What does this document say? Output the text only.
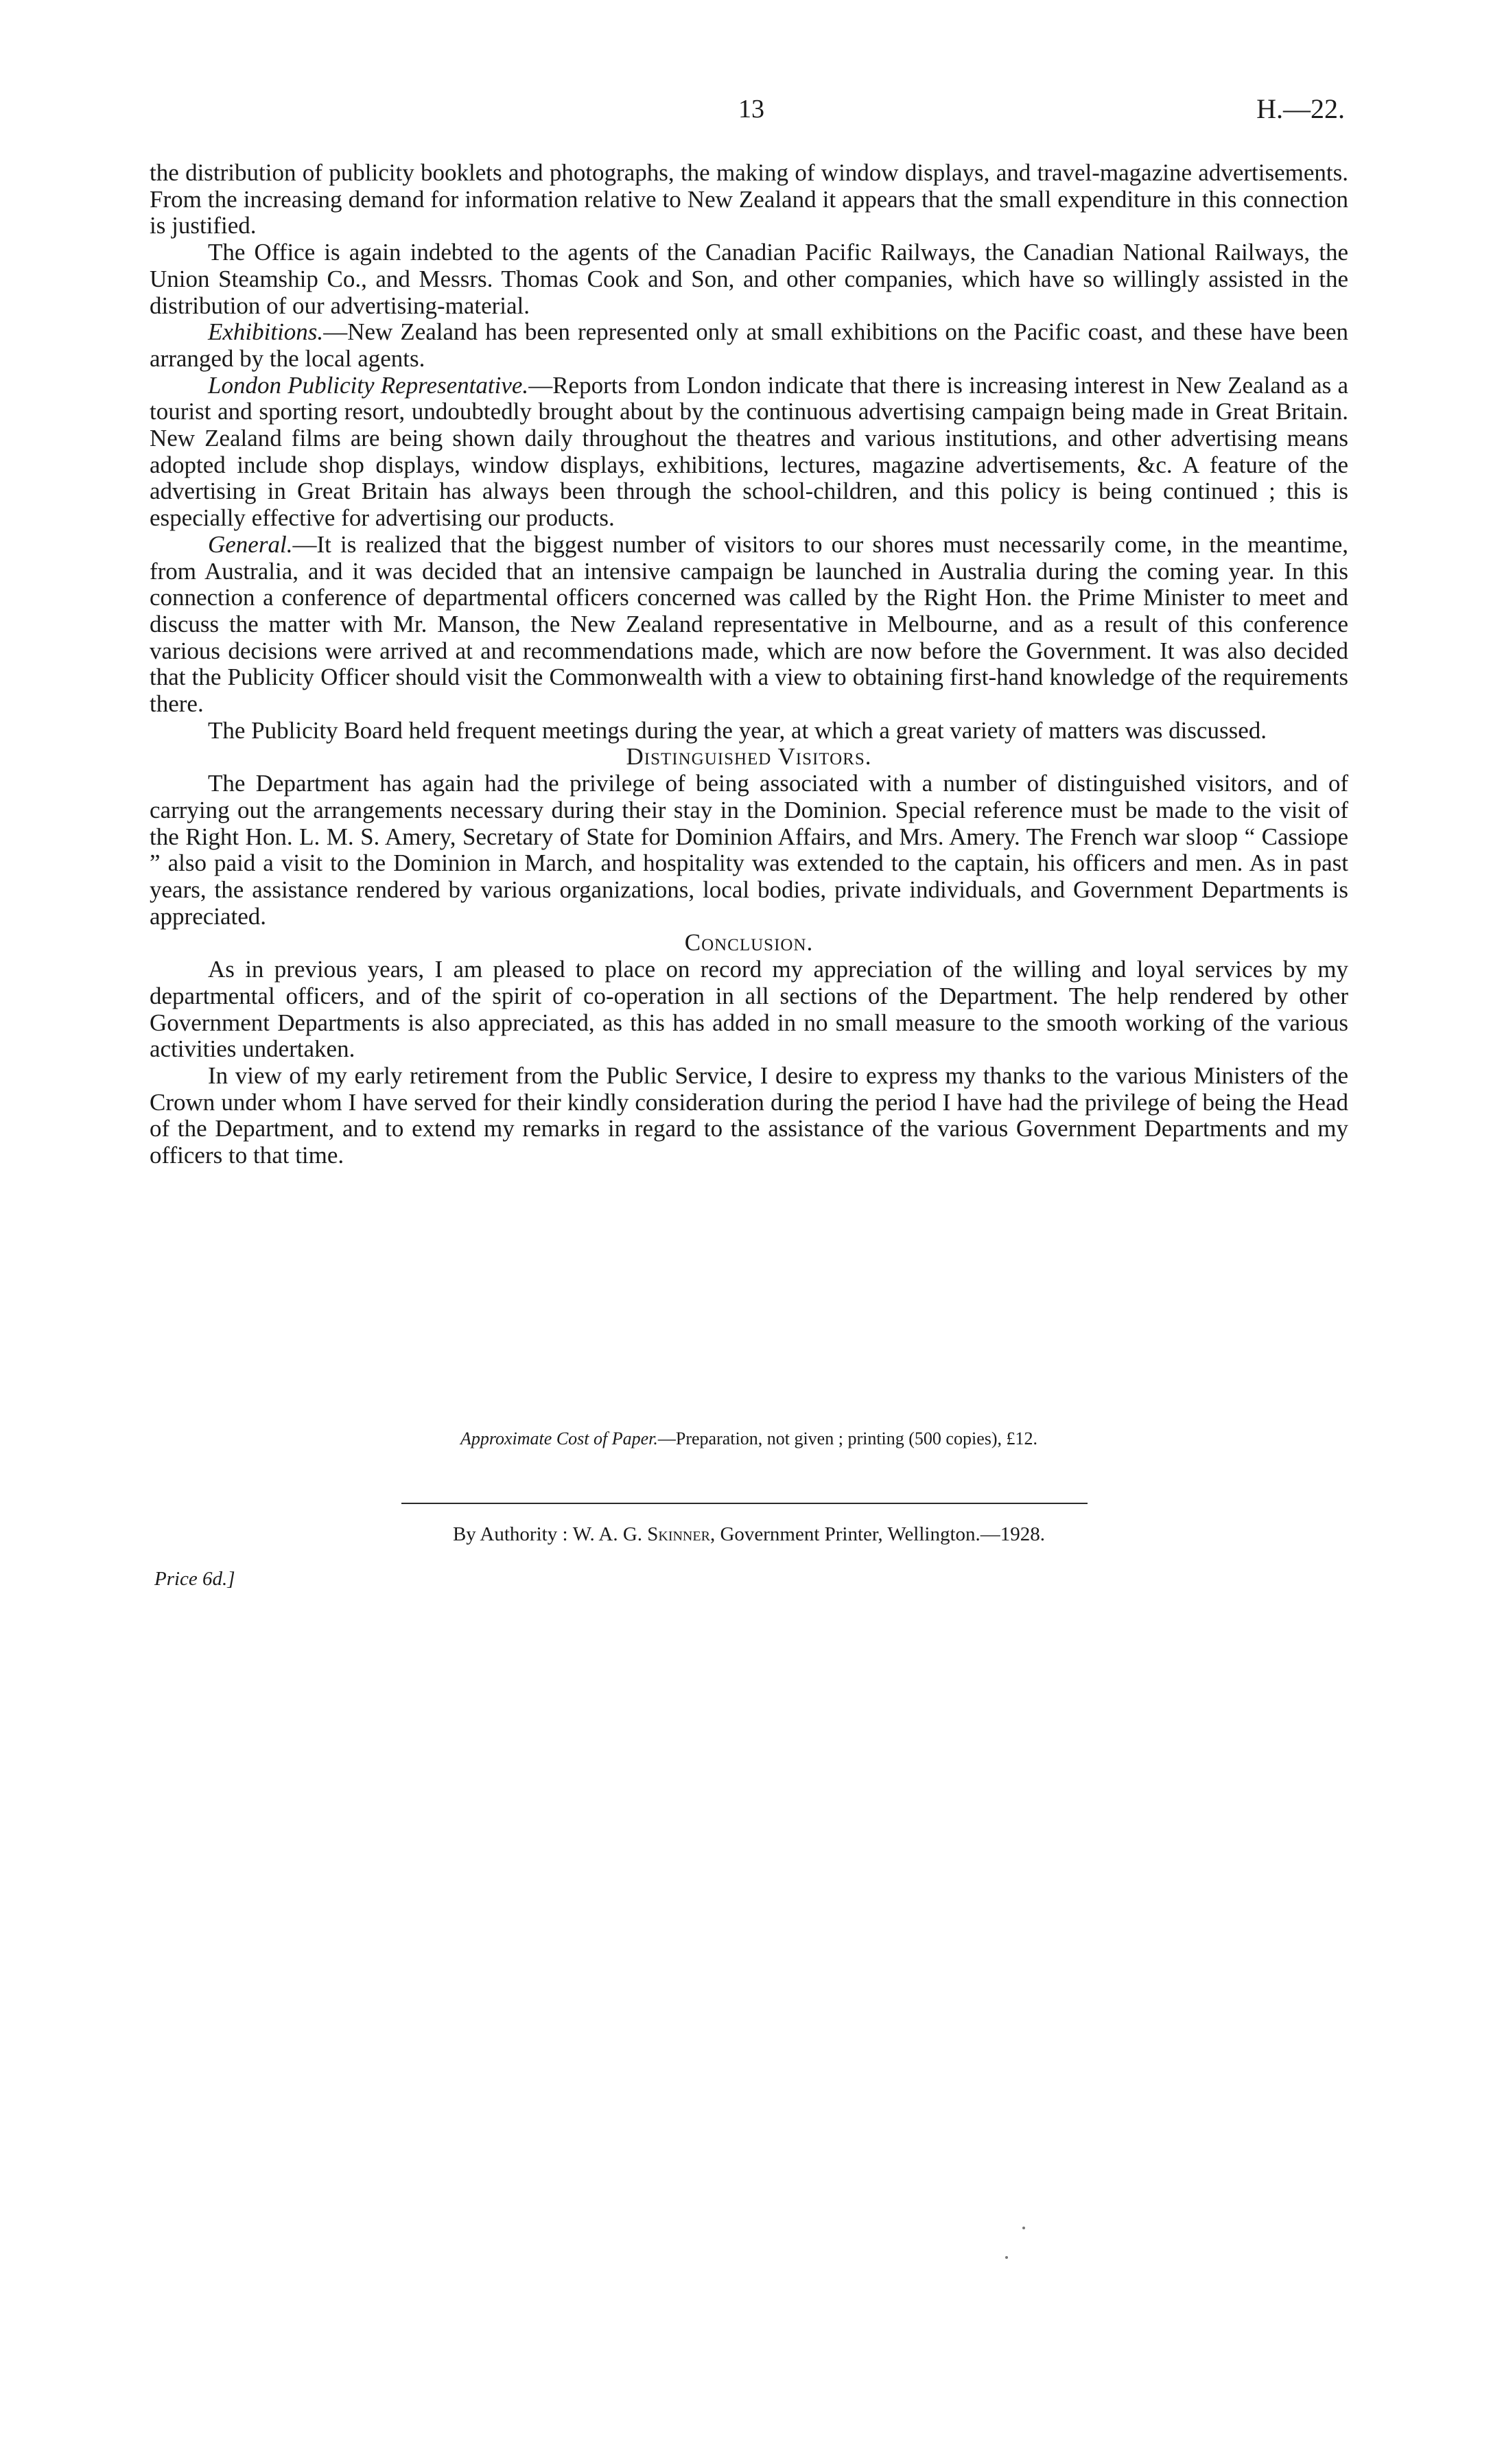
13	H.—22.

the distribution of publicity booklets and photographs, the making of window displays, and travel-magazine advertisements. From the increasing demand for information relative to New Zealand it appears that the small expenditure in this connection is justified.

The Office is again indebted to the agents of the Canadian Pacific Railways, the Canadian National Railways, the Union Steamship Co., and Messrs. Thomas Cook and Son, and other companies, which have so willingly assisted in the distribution of our advertising-material.

Exhibitions.—New Zealand has been represented only at small exhibitions on the Pacific coast, and these have been arranged by the local agents.

London Publicity Representative.—Reports from London indicate that there is increasing interest in New Zealand as a tourist and sporting resort, undoubtedly brought about by the continuous advertising campaign being made in Great Britain. New Zealand films are being shown daily throughout the theatres and various institutions, and other advertising means adopted include shop displays, window displays, exhibitions, lectures, magazine advertisements, &c. A feature of the advertising in Great Britain has always been through the school-children, and this policy is being continued ; this is especially effective for advertising our products.

General.—It is realized that the biggest number of visitors to our shores must necessarily come, in the meantime, from Australia, and it was decided that an intensive campaign be launched in Australia during the coming year. In this connection a conference of departmental officers concerned was called by the Right Hon. the Prime Minister to meet and discuss the matter with Mr. Manson, the New Zealand representative in Melbourne, and as a result of this conference various decisions were arrived at and recommendations made, which are now before the Government. It was also decided that the Publicity Officer should visit the Commonwealth with a view to obtaining first-hand knowledge of the requirements there.

The Publicity Board held frequent meetings during the year, at which a great variety of matters was discussed.

Distinguished Visitors.

The Department has again had the privilege of being associated with a number of distinguished visitors, and of carrying out the arrangements necessary during their stay in the Dominion. Special reference must be made to the visit of the Right Hon. L. M. S. Amery, Secretary of State for Dominion Affairs, and Mrs. Amery. The French war sloop “ Cassiope ” also paid a visit to the Dominion in March, and hospitality was extended to the captain, his officers and men. As in past years, the assistance rendered by various organizations, local bodies, private individuals, and Government Departments is appreciated.

Conclusion.

As in previous years, I am pleased to place on record my appreciation of the willing and loyal services by my departmental officers, and of the spirit of co-operation in all sections of the Department. The help rendered by other Government Departments is also appreciated, as this has added in no small measure to the smooth working of the various activities undertaken.

In view of my early retirement from the Public Service, I desire to express my thanks to the various Ministers of the Crown under whom I have served for their kindly consideration during the period I have had the privilege of being the Head of the Department, and to extend my remarks in regard to the assistance of the various Government Departments and my officers to that time.

Approximate Cost of Paper.—Preparation, not given ; printing (500 copies), £12.
By Authority : W. A. G. Skinner, Government Printer, Wellington.—1928.
Price 6d.]
